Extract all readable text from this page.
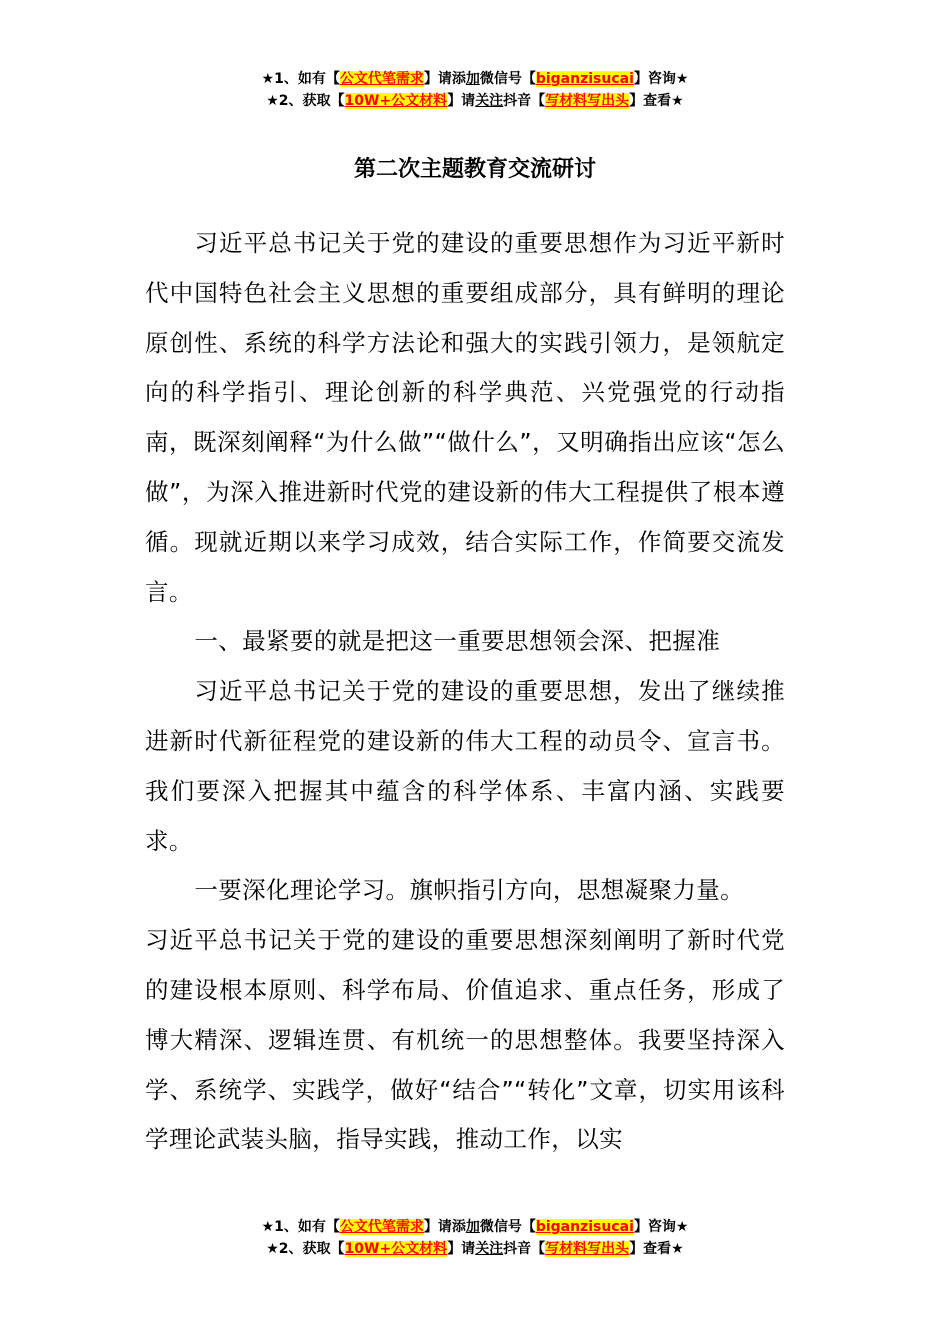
★1、如有【公文代笔需求】请添加微信号【biganzisucai】咨询★
★2、获取【10W+公文材料】请关注抖音【写材料写出头】查看★
第二次主题教育交流研讨

习近平总书记关于党的建设的重要思想作为习近平新时代中国特色社会主义思想的重要组成部分，具有鲜明的理论原创性、系统的科学方法论和强大的实践引领力，是领航定向的科学指引、理论创新的科学典范、兴党强党的行动指南，既深刻阐释“为什么做”“做什么”，又明确指出应该“怎么做”，为深入推进新时代党的建设新的伟大工程提供了根本遵循。现就近期以来学习成效，结合实际工作，作简要交流发言。

一、最紧要的就是把这一重要思想领会深、把握准

习近平总书记关于党的建设的重要思想，发出了继续推进新时代新征程党的建设新的伟大工程的动员令、宣言书。我们要深入把握其中蕴含的科学体系、丰富内涵、实践要求。

一要深化理论学习。旗帜指引方向，思想凝聚力量。

习近平总书记关于党的建设的重要思想深刻阐明了新时代党的建设根本原则、科学布局、价值追求、重点任务，形成了博大精深、逻辑连贯、有机统一的思想整体。我要坚持深入学、系统学、实践学，做好“结合”“转化”文章，切实用该科学理论武装头脑，指导实践，推动工作，以实

★1、如有【公文代笔需求】请添加微信号【biganzisucai】咨询★
★2、获取【10W+公文材料】请关注抖音【写材料写出头】查看★
